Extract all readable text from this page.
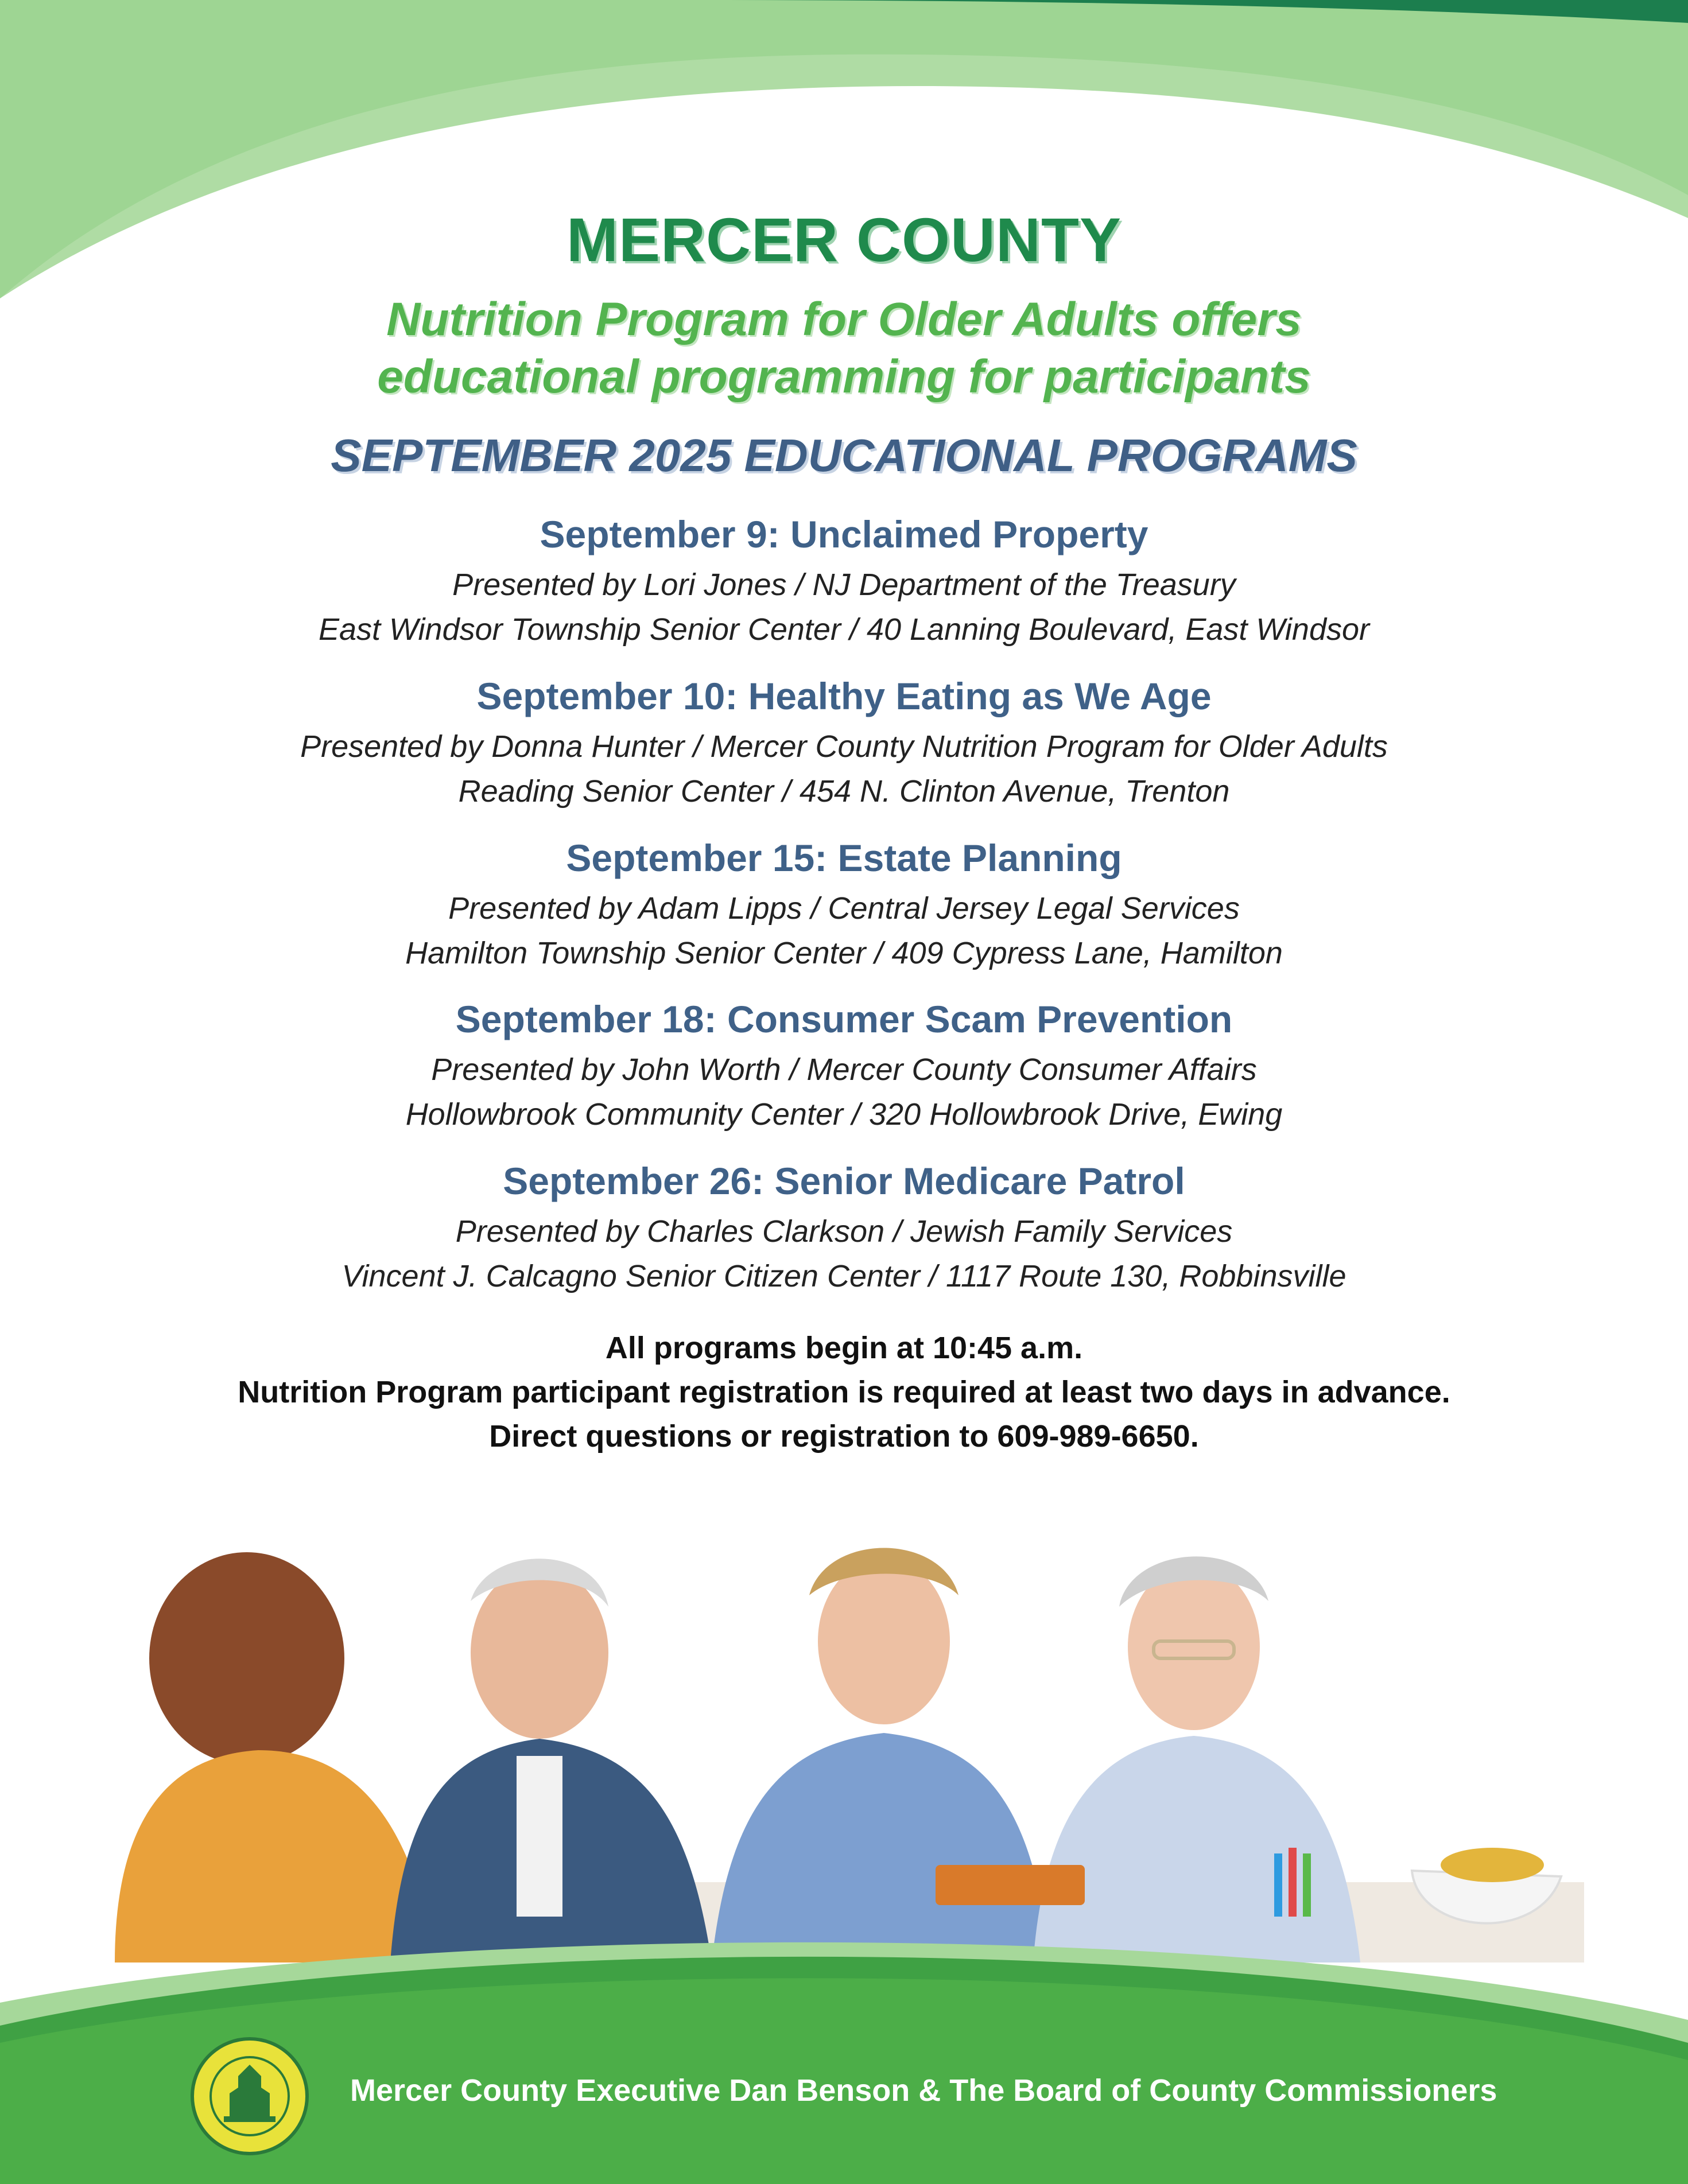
MERCER COUNTY
Nutrition Program for Older Adults offers
educational programming for participants
SEPTEMBER 2025 EDUCATIONAL PROGRAMS
September 9: Unclaimed Property
Presented by Lori Jones / NJ Department of the Treasury
East Windsor Township Senior Center / 40 Lanning Boulevard, East Windsor
September 10: Healthy Eating as We Age
Presented by Donna Hunter / Mercer County Nutrition Program for Older Adults
Reading Senior Center / 454 N. Clinton Avenue, Trenton
September 15: Estate Planning
Presented by Adam Lipps / Central Jersey Legal Services
Hamilton Township Senior Center / 409 Cypress Lane, Hamilton
September 18: Consumer Scam Prevention
Presented by John Worth / Mercer County Consumer Affairs
Hollowbrook Community Center / 320 Hollowbrook Drive, Ewing
September 26: Senior Medicare Patrol
Presented by Charles Clarkson / Jewish Family Services
Vincent J. Calcagno Senior Citizen Center / 1117 Route 130, Robbinsville
All programs begin at 10:45 a.m.
Nutrition Program participant registration is required at least two days in advance.
Direct questions or registration to 609-989-6650.
Mercer County Executive Dan Benson & The Board of County Commissioners
